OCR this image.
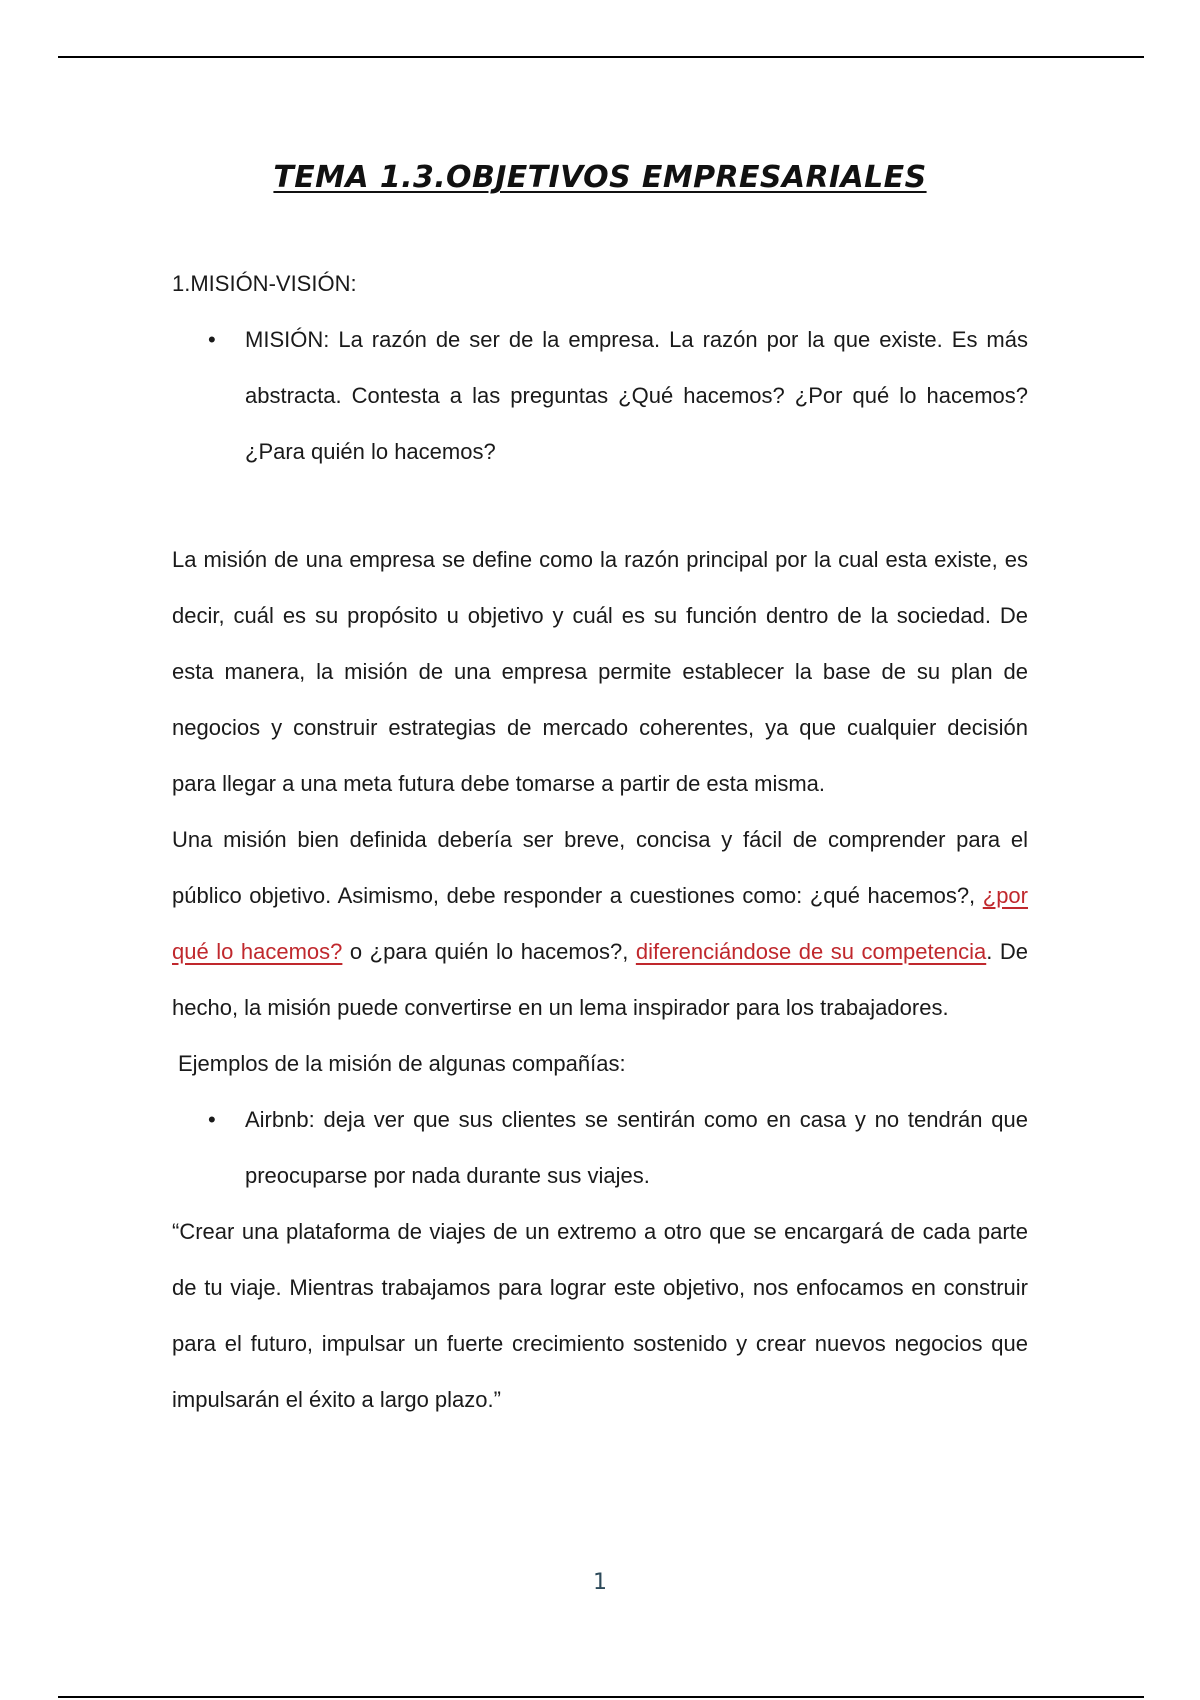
TEMA 1.3.OBJETIVOS EMPRESARIALES

1.MISIÓN-VISIÓN:

• MISIÓN: La razón de ser de la empresa. La razón por la que existe. Es más abstracta. Contesta a las preguntas ¿Qué hacemos? ¿Por qué lo hacemos? ¿Para quién lo hacemos?

La misión de una empresa se define como la razón principal por la cual esta existe, es decir, cuál es su propósito u objetivo y cuál es su función dentro de la sociedad. De esta manera, la misión de una empresa permite establecer la base de su plan de negocios y construir estrategias de mercado coherentes, ya que cualquier decisión para llegar a una meta futura debe tomarse a partir de esta misma.

Una misión bien definida debería ser breve, concisa y fácil de comprender para el público objetivo. Asimismo, debe responder a cuestiones como: ¿qué hacemos?, ¿por qué lo hacemos? o ¿para quién lo hacemos?, diferenciándose de su competencia. De hecho, la misión puede convertirse en un lema inspirador para los trabajadores.

Ejemplos de la misión de algunas compañías:

• Airbnb: deja ver que sus clientes se sentirán como en casa y no tendrán que preocuparse por nada durante sus viajes.

“Crear una plataforma de viajes de un extremo a otro que se encargará de cada parte de tu viaje. Mientras trabajamos para lograr este objetivo, nos enfocamos en construir para el futuro, impulsar un fuerte crecimiento sostenido y crear nuevos negocios que impulsarán el éxito a largo plazo.”

1
